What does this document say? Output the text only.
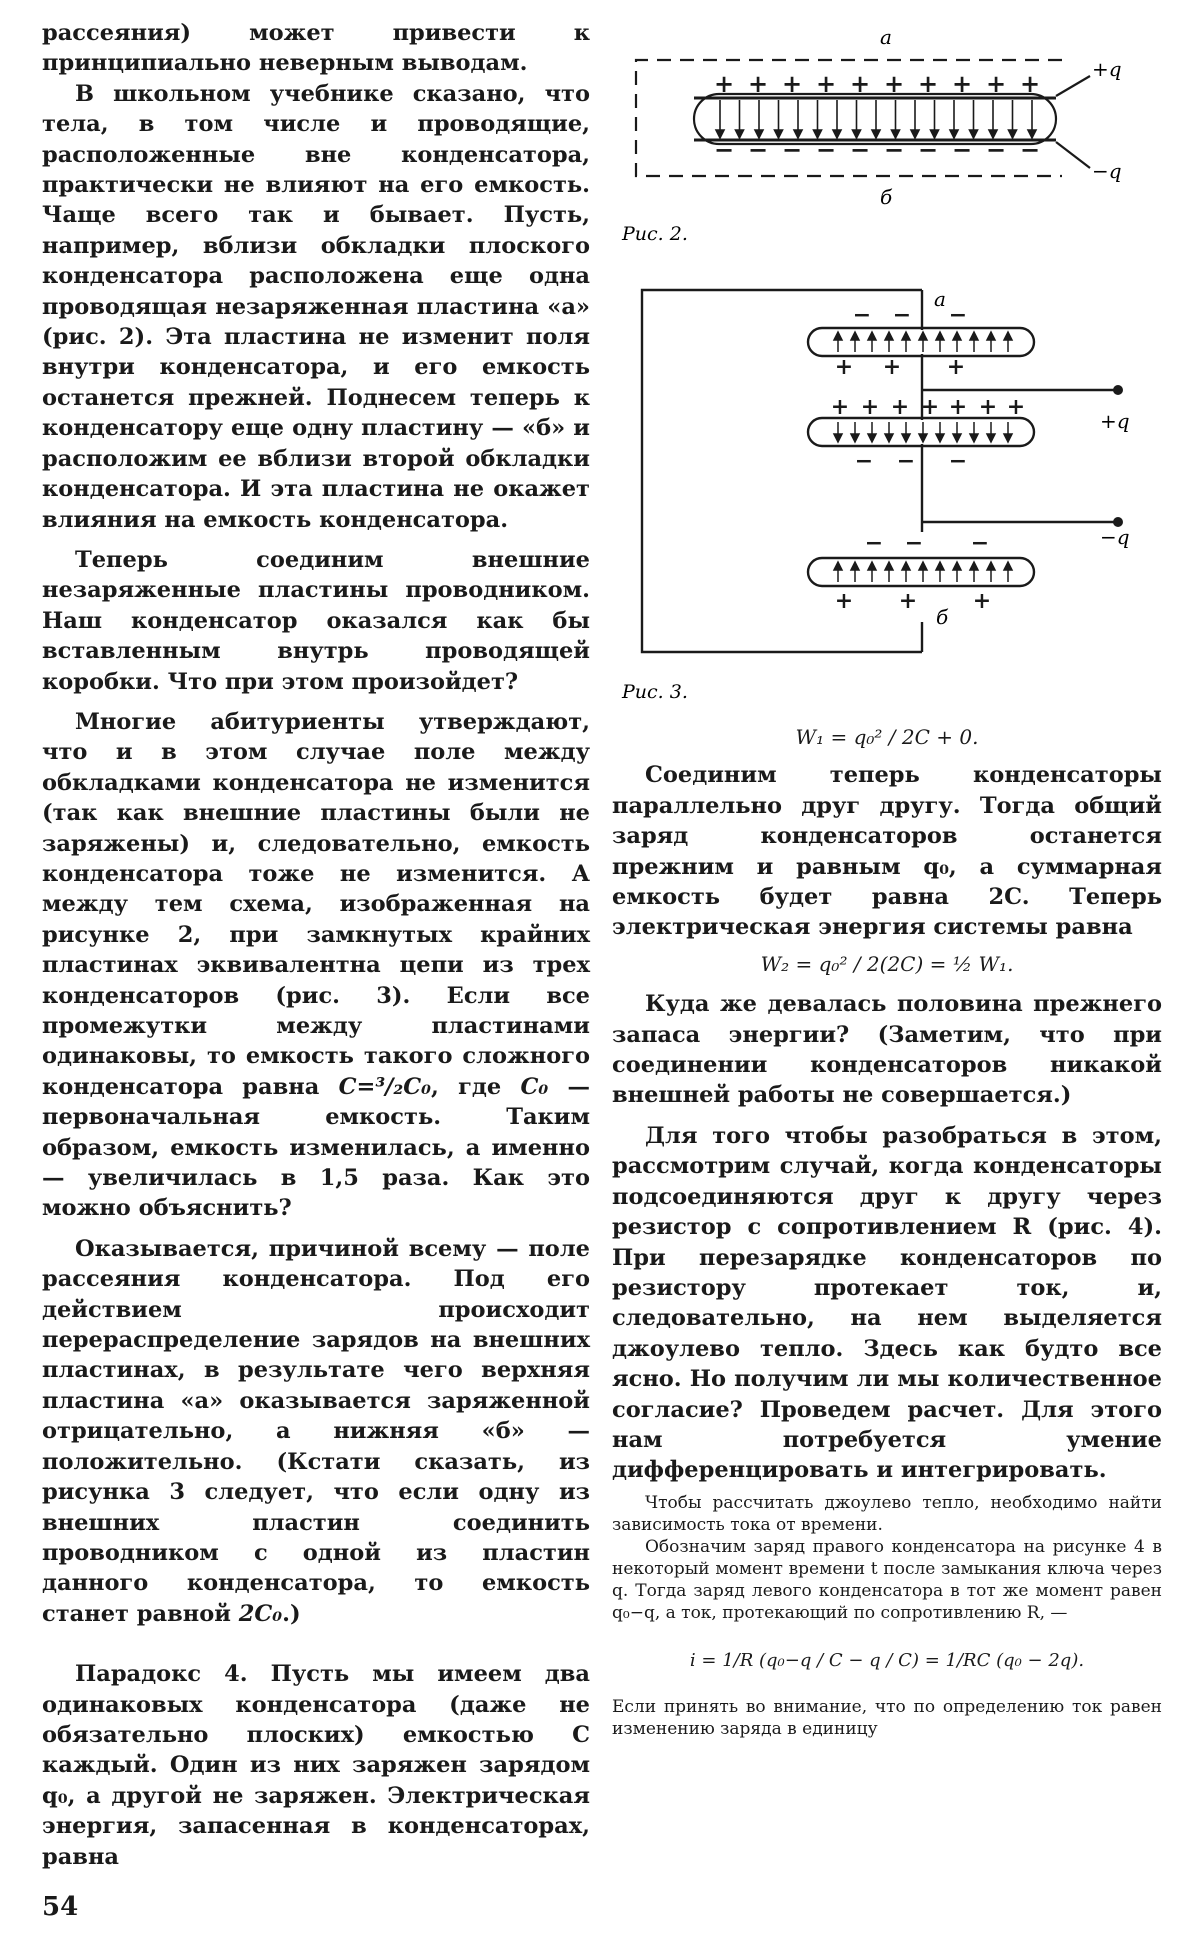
рассеяния) может привести к принципиально неверным выводам.

В школьном учебнике сказано, что тела, в том числе и проводящие, расположенные вне конденсатора, практически не влияют на его емкость. Чаще всего так и бывает. Пусть, например, вблизи обкладки плоского конденсатора расположена еще одна проводящая незаряженная пластина «а» (рис. 2). Эта пластина не изменит поля внутри конденсатора, и его емкость останется прежней. Поднесем теперь к конденсатору еще одну пластину — «б» и расположим ее вблизи второй обкладки конденсатора. И эта пластина не окажет влияния на емкость конденсатора.

Теперь соединим внешние незаряженные пластины проводником. Наш конденсатор оказался как бы вставленным внутрь проводящей коробки. Что при этом произойдет?

Многие абитуриенты утверждают, что и в этом случае поле между обкладками конденсатора не изменится (так как внешние пластины были не заряжены) и, следовательно, емкость конденсатора тоже не изменится. А между тем схема, изображенная на рисунке 2, при замкнутых крайних пластинах эквивалентна цепи из трех конденсаторов (рис. 3). Если все промежутки между пластинами одинаковы, то емкость такого сложного конденсатора равна C=³/₂C₀, где C₀ — первоначальная емкость. Таким образом, емкость изменилась, а именно — увеличилась в 1,5 раза. Как это можно объяснить?

Оказывается, причиной всему — поле рассеяния конденсатора. Под его действием происходит перераспределение зарядов на внешних пластинах, в результате чего верхняя пластина «а» оказывается заряженной отрицательно, а нижняя «б» — положительно. (Кстати сказать, из рисунка 3 следует, что если одну из внешних пластин соединить проводником с одной из пластин данного конденсатора, то емкость станет равной 2C₀.)

Парадокс 4. Пусть мы имеем два одинаковых конденсатора (даже не обязательно плоских) емкостью C каждый. Один из них заряжен зарядом q₀, а другой не заряжен. Электрическая энергия, запасенная в конденсаторах, равна

+
−
+
−
+
−
+
−
+
−
+
−
+
−
+
−
+
−
+
−
а
б
+q
−q
Рис. 2.
− − −
+ + +
+ + + + + + +
− − −
− − −
+ +	+
а
б
+q
−q
Рис. 3.

W₁ = q₀² / 2C + 0.

Соединим теперь конденсаторы параллельно друг другу. Тогда общий заряд конденсаторов останется прежним и равным q₀, а суммарная емкость будет равна 2C. Теперь электрическая энергия системы равна

W₂ = q₀² / 2(2C) = ½ W₁.

Куда же девалась половина прежнего запаса энергии? (Заметим, что при соединении конденсаторов никакой внешней работы не совершается.)

Для того чтобы разобраться в этом, рассмотрим случай, когда конденсаторы подсоединяются друг к другу через резистор с сопротивлением R (рис. 4). При перезарядке конденсаторов по резистору протекает ток, и, следовательно, на нем выделяется джоулево тепло. Здесь как будто все ясно. Но получим ли мы количественное согласие? Проведем расчет. Для этого нам потребуется умение дифференцировать и интегрировать.

Чтобы рассчитать джоулево тепло, необходимо найти зависимость тока от времени.

Обозначим заряд правого конденсатора на рисунке 4 в некоторый момент времени t после замыкания ключа через q. Тогда заряд левого конденсатора в тот же момент равен q₀−q, а ток, протекающий по сопротивлению R, —

i = 1/R (q₀−q / C − q / C) = 1/RC (q₀ − 2q).

Если принять во внимание, что по определению ток равен изменению заряда в единицу

54
